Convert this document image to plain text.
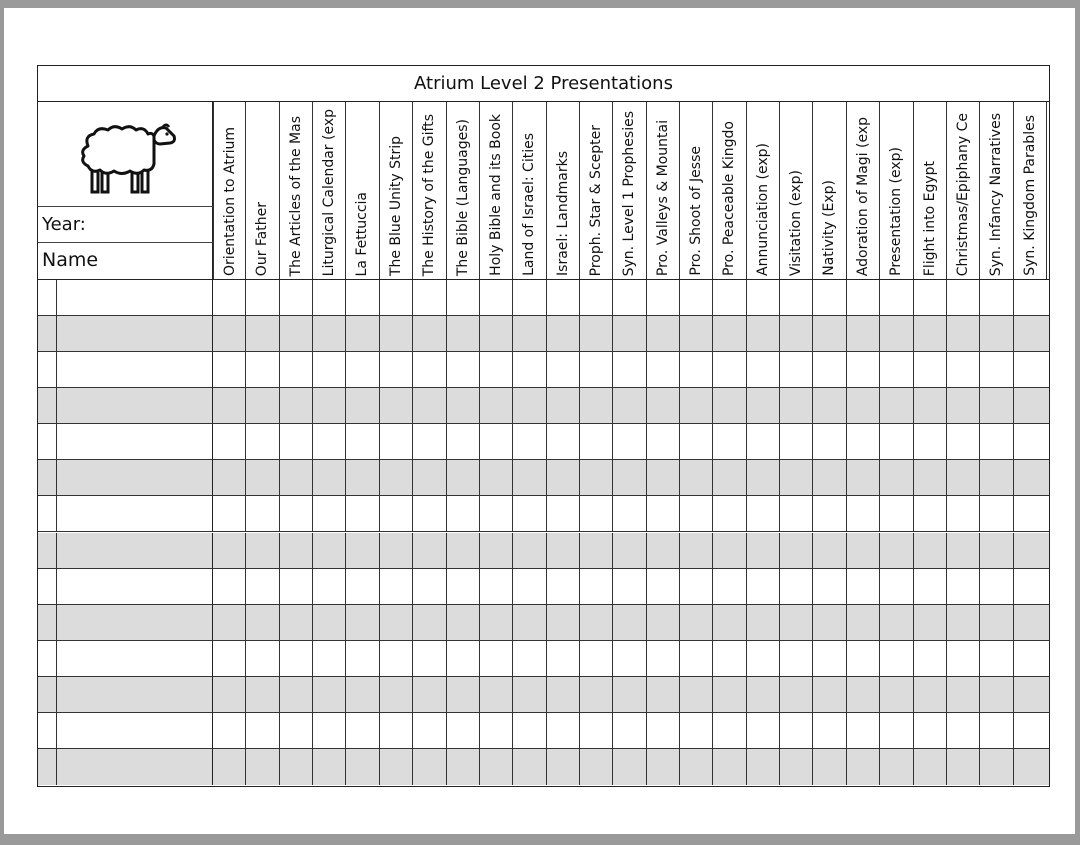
Atrium Level 2 Presentations
Year:
Name	Orientation to Atrium Our Father The Articles of the Mas Liturgical Calendar (exp La Fettuccia The Blue Unity Strip The History of the Gifts The Bible (Languages) Holy Bible and its Book Land of Israel: Cities Israel: Landmarks Proph. Star & Scepter Syn. Level 1 Prophesies Pro. Valleys & Mountai Pro. Shoot of Jesse Pro. Peaceable Kingdo Annunciation (exp) Visitation (exp) Nativity (Exp) Adoration of Magi (exp Presentation (exp) Flight into Egypt Christmas/Epiphany Ce Syn. Infancy Narratives Syn. Kingdom Parables
